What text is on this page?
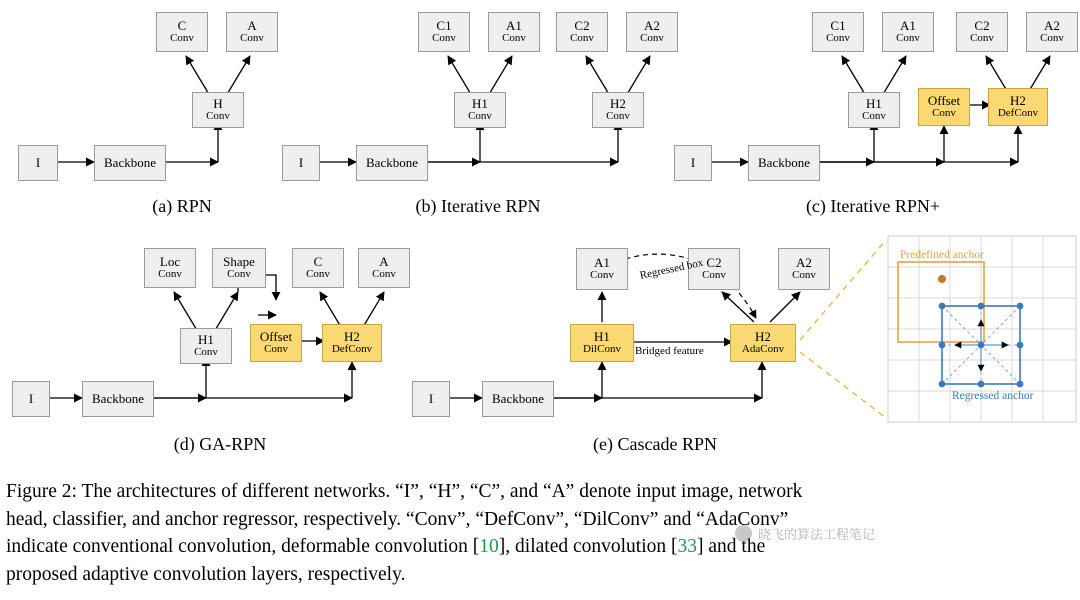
I	Backbone
H
Conv
C
Conv
A
Conv
(a) RPN
I	Backbone
H1
Conv
H2
Conv
C1
Conv
A1
Conv
C2
Conv
A2
Conv
(b) Iterative RPN
I	Backbone
H1
Conv
Offset
Conv
H2
DefConv
C1
Conv
A1
Conv
C2
Conv
A2
Conv
(c) Iterative RPN+
I	Backbone
H1
Conv
Offset
Conv
H2
DefConv
Loc
Conv
Shape
Conv
C
Conv
A
Conv
(d) GA-RPN
I	Backbone
H1
DilConv
H2
AdaConv
A1
Conv
C2
Conv
A2
Conv
Regressed box
Bridged feature
(e) Cascade RPN
Predefined anchor
Regressed anchor
Figure 2: The architectures of different networks. “I”, “H”, “C”, and “A” denote input image, network
head, classifier, and anchor regressor, respectively. “Conv”, “DefConv”, “DilConv” and “AdaConv”
indicate conventional convolution, deformable convolution [10], dilated convolution [33] and the
proposed adaptive convolution layers, respectively.
晓飞的算法工程笔记
